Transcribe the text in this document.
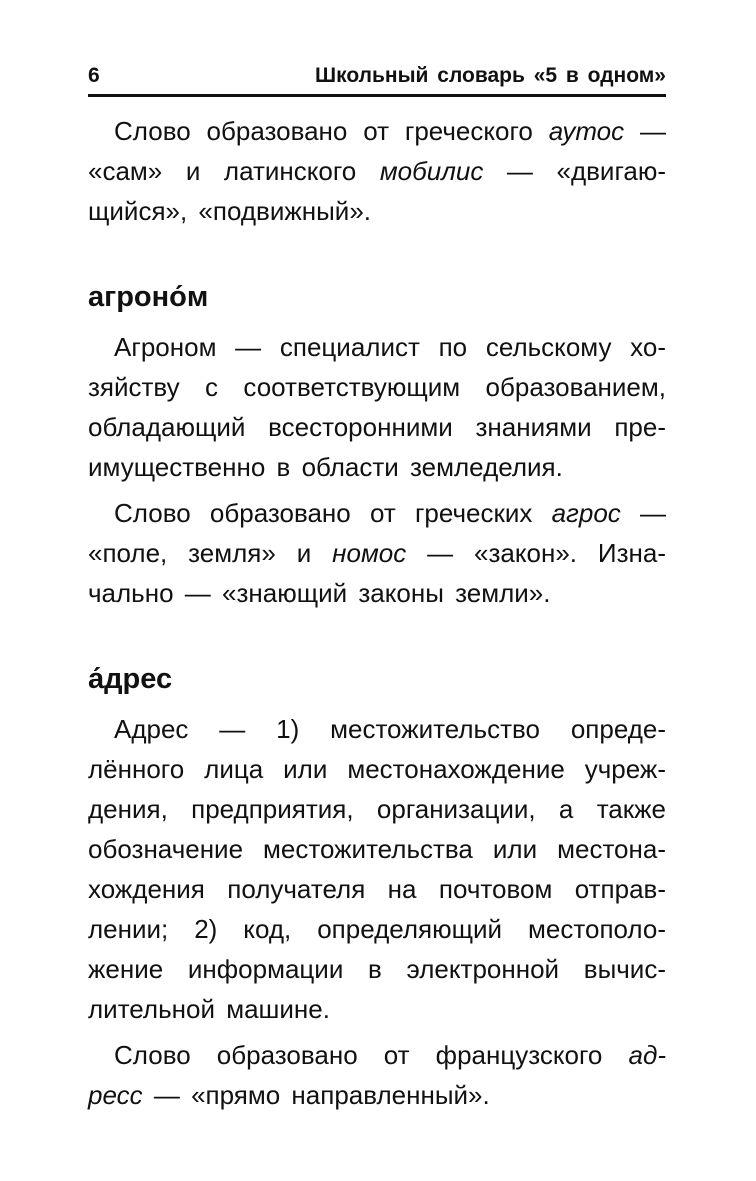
6	Школьный словарь «5 в одном»

Слово образовано от греческого аутос —
«сам» и латинского мобилис — «двигаю-
щийся», «подвижный».

агроно́м

Агроном — специалист по сельскому хо-
зяйству с соответствующим образованием,
обладающий всесторонними знаниями пре-
имущественно в области земледелия.

Слово образовано от греческих агрос —
«поле, земля» и номос — «закон». Изна-
чально — «знающий законы земли».

а́дрес

Адрес — 1) местожительство опреде-
лённого лица или местонахождение учреж-
дения, предприятия, организации, а также
обозначение местожительства или местона-
хождения получателя на почтовом отправ-
лении; 2) код, определяющий местополо-
жение информации в электронной вычис-
лительной машине.

Слово образовано от французского ад-
ресс — «прямо направленный».
